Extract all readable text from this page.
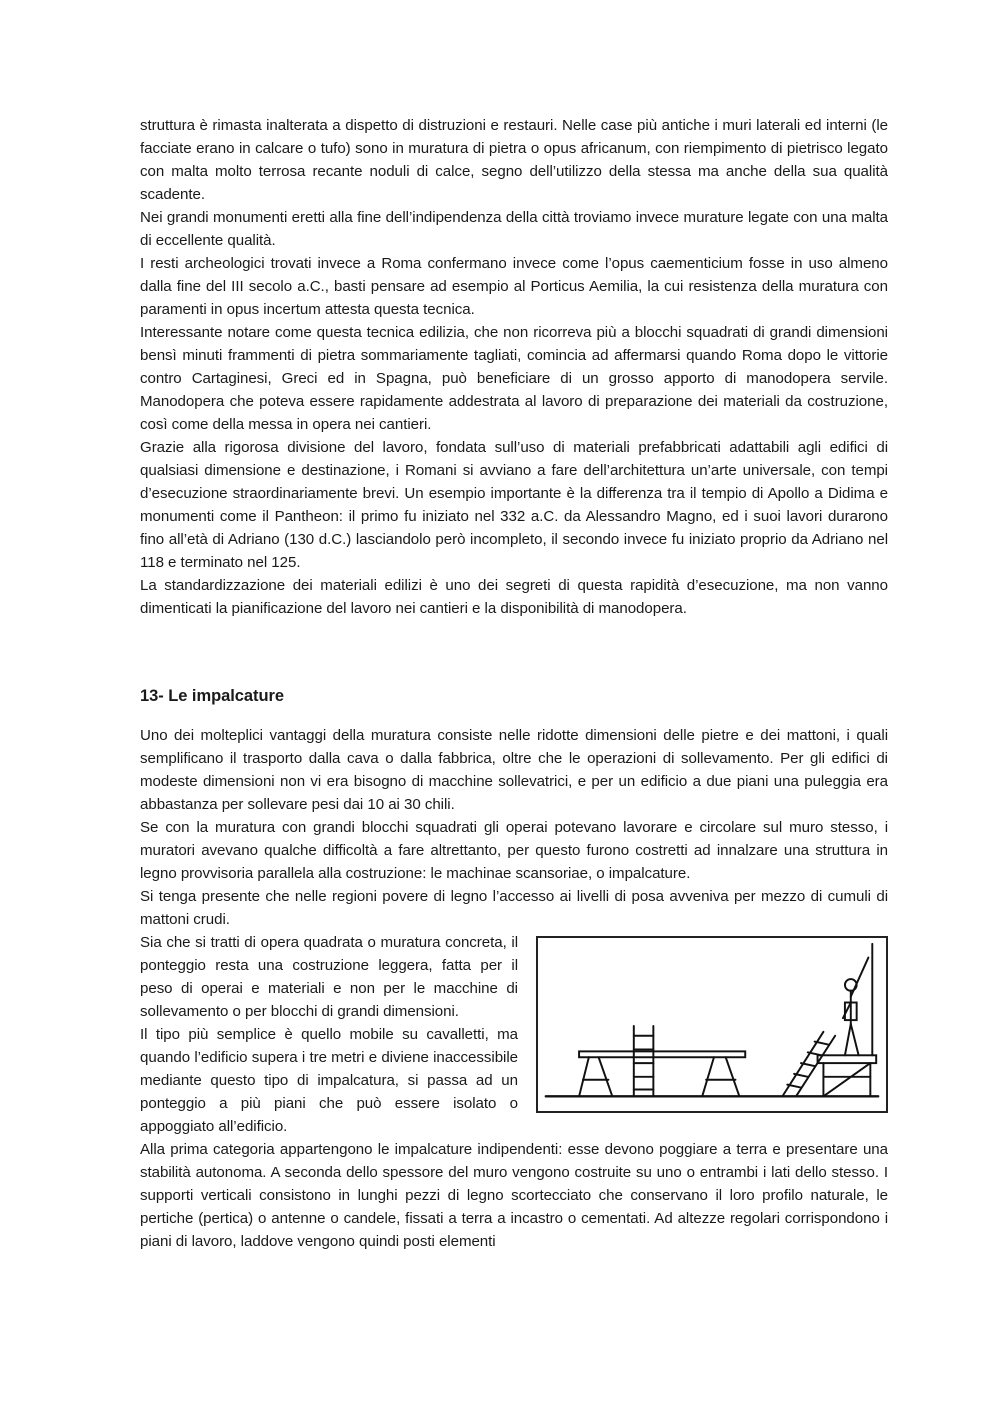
struttura è rimasta inalterata a dispetto di distruzioni e restauri. Nelle case più antiche i muri laterali ed interni (le facciate erano in calcare o tufo) sono in muratura di pietra o opus africanum, con riempimento di pietrisco legato con malta molto terrosa recante noduli di calce, segno dell’utilizzo della stessa ma anche della sua qualità scadente.

Nei grandi monumenti eretti alla fine dell’indipendenza della città troviamo invece murature legate con una malta di eccellente qualità.

I resti archeologici trovati invece a Roma confermano invece come l’opus caementicium fosse in uso almeno dalla fine del III secolo a.C., basti pensare ad esempio al Porticus Aemilia, la cui resistenza della muratura con paramenti in opus incertum attesta questa tecnica.

Interessante notare come questa tecnica edilizia, che non ricorreva più a blocchi squadrati di grandi dimensioni bensì minuti frammenti di pietra sommariamente tagliati, comincia ad affermarsi quando Roma dopo le vittorie contro Cartaginesi, Greci ed in Spagna, può beneficiare di un grosso apporto di manodopera servile. Manodopera che poteva essere rapidamente addestrata al lavoro di preparazione dei materiali da costruzione, così come della messa in opera nei cantieri.

Grazie alla rigorosa divisione del lavoro, fondata sull’uso di materiali prefabbricati adattabili agli edifici di qualsiasi dimensione e destinazione, i Romani si avviano a fare dell’architettura un’arte universale, con tempi d’esecuzione straordinariamente brevi. Un esempio importante è la differenza tra il tempio di Apollo a Didima e monumenti come il Pantheon: il primo fu iniziato nel 332 a.C. da Alessandro Magno, ed i suoi lavori durarono fino all’età di Adriano (130 d.C.) lasciandolo però incompleto, il secondo invece fu iniziato proprio da Adriano nel 118 e terminato nel 125.

La standardizzazione dei materiali edilizi è uno dei segreti di questa rapidità d’esecuzione, ma non vanno dimenticati la pianificazione del lavoro nei cantieri e la disponibilità di manodopera.

13- Le impalcature

Uno dei molteplici vantaggi della muratura consiste nelle ridotte dimensioni delle pietre e dei mattoni, i quali semplificano il trasporto dalla cava o dalla fabbrica, oltre che le operazioni di sollevamento. Per gli edifici di modeste dimensioni non vi era bisogno di macchine sollevatrici, e per un edificio a due piani una puleggia era abbastanza per sollevare pesi dai 10 ai 30 chili.

Se con la muratura con grandi blocchi squadrati gli operai potevano lavorare e circolare sul muro stesso, i muratori avevano qualche difficoltà a fare altrettanto, per questo furono costretti ad innalzare una struttura in legno provvisoria parallela alla costruzione: le machinae scansoriae, o impalcature.

Si tenga presente che nelle regioni povere di legno l’accesso ai livelli di posa avveniva per mezzo di cumuli di mattoni crudi.

Sia che si tratti di opera quadrata o muratura concreta, il ponteggio resta una costruzione leggera, fatta per il peso di operai e materiali e non per le macchine di sollevamento o per blocchi di grandi dimensioni.

Il tipo più semplice è quello mobile su cavalletti, ma quando l’edificio supera i tre metri e diviene inaccessibile mediante questo tipo di impalcatura, si passa ad un ponteggio a più piani che può essere isolato o appoggiato all’edificio.

Alla prima categoria appartengono le impalcature indipendenti: esse devono poggiare a terra e presentare una stabilità autonoma. A seconda dello spessore del muro vengono costruite su uno o entrambi i lati dello stesso. I supporti verticali consistono in lunghi pezzi di legno scortecciato che conservano il loro profilo naturale, le pertiche (pertica) o antenne o candele, fissati a terra a incastro o cementati. Ad altezze regolari corrispondono i piani di lavoro, laddove vengono quindi posti elementi
